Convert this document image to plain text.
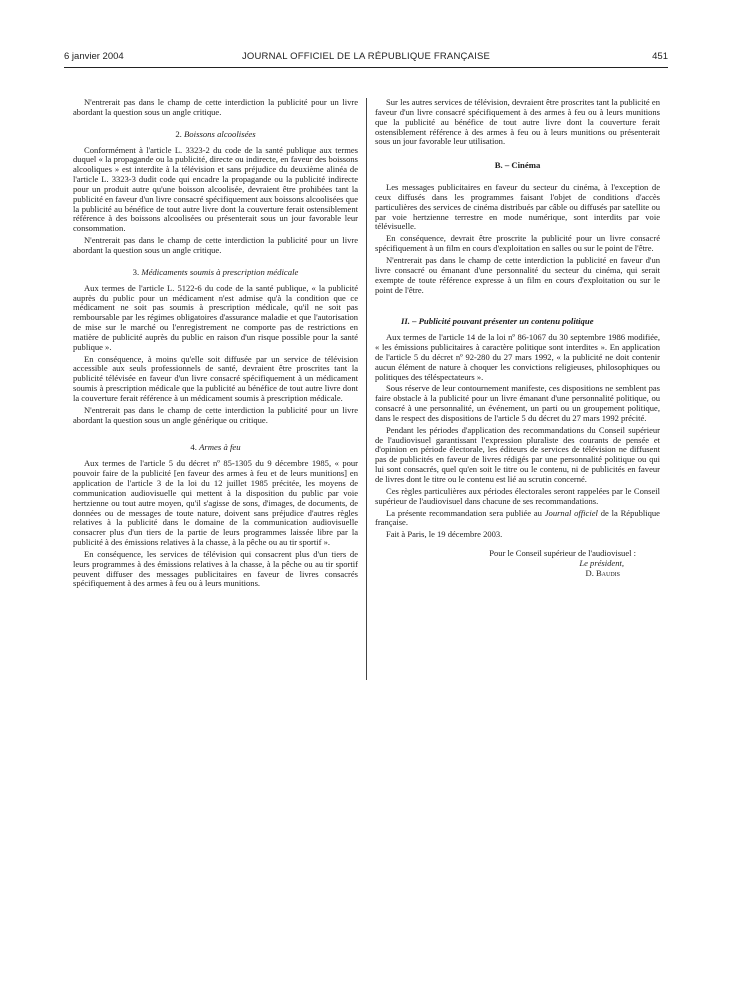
6 janvier 2004	JOURNAL OFFICIEL DE LA RÉPUBLIQUE FRANÇAISE	451

N'entrerait pas dans le champ de cette interdiction la publicité pour un livre abordant la question sous un angle critique.

2. Boissons alcoolisées

Conformément à l'article L. 3323-2 du code de la santé publique aux termes duquel « la propagande ou la publicité, directe ou indirecte, en faveur des boissons alcooliques » est interdite à la télévision et sans préjudice du deuxième alinéa de l'article L. 3323-3 dudit code qui encadre la propagande ou la publicité indirecte pour un produit autre qu'une boisson alcoolisée, devraient être prohibées tant la publicité en faveur d'un livre consacré spécifiquement aux boissons alcoolisées que la publicité au bénéfice de tout autre livre dont la couverture ferait ostensiblement référence à des boissons alcoolisées ou présenterait sous un jour favorable leur consommation.

N'entrerait pas dans le champ de cette interdiction la publicité pour un livre abordant la question sous un angle critique.

3. Médicaments soumis à prescription médicale

Aux termes de l'article L. 5122-6 du code de la santé publique, « la publicité auprès du public pour un médicament n'est admise qu'à la condition que ce médicament ne soit pas soumis à prescription médicale, qu'il ne soit pas remboursable par les régimes obligatoires d'assurance maladie et que l'autorisation de mise sur le marché ou l'enregistrement ne comporte pas de restrictions en matière de publicité auprès du public en raison d'un risque possible pour la santé publique ».

En conséquence, à moins qu'elle soit diffusée par un service de télévision accessible aux seuls professionnels de santé, devraient être proscrites tant la publicité télévisée en faveur d'un livre consacré spécifiquement à un médicament soumis à prescription médicale que la publicité au bénéfice de tout autre livre dont la couverture ferait référence à un médicament soumis à prescription médicale.

N'entrerait pas dans le champ de cette interdiction la publicité pour un livre abordant la question sous un angle générique ou critique.

4. Armes à feu

Aux termes de l'article 5 du décret nº 85-1305 du 9 décembre 1985, « pour pouvoir faire de la publicité [en faveur des armes à feu et de leurs munitions] en application de l'article 3 de la loi du 12 juillet 1985 précitée, les moyens de communication audiovisuelle qui mettent à la disposition du public par voie hertzienne ou tout autre moyen, qu'il s'agisse de sons, d'images, de documents, de données ou de messages de toute nature, doivent sans préjudice d'autres règles relatives à la publicité dans le domaine de la communication audiovisuelle consacrer plus d'un tiers de la partie de leurs programmes laissée libre par la publicité à des émissions relatives à la chasse, à la pêche ou au tir sportif ».

En conséquence, les services de télévision qui consacrent plus d'un tiers de leurs programmes à des émissions relatives à la chasse, à la pêche ou au tir sportif peuvent diffuser des messages publicitaires en faveur de livres consacrés spécifiquement à des armes à feu ou à leurs munitions.

Sur les autres services de télévision, devraient être proscrites tant la publicité en faveur d'un livre consacré spécifiquement à des armes à feu ou à leurs munitions que la publicité au bénéfice de tout autre livre dont la couverture ferait ostensiblement référence à des armes à feu ou à leurs munitions ou présenterait sous un jour favorable leur utilisation.

B. – Cinéma

Les messages publicitaires en faveur du secteur du cinéma, à l'exception de ceux diffusés dans les programmes faisant l'objet de conditions d'accès particulières des services de cinéma distribués par câble ou diffusés par satellite ou par voie hertzienne terrestre en mode numérique, sont interdits par voie télévisuelle.

En conséquence, devrait être proscrite la publicité pour un livre consacré spécifiquement à un film en cours d'exploitation en salles ou sur le point de l'être.

N'entrerait pas dans le champ de cette interdiction la publicité en faveur d'un livre consacré ou émanant d'une personnalité du secteur du cinéma, qui serait exempte de toute référence expresse à un film en cours d'exploitation ou sur le point de l'être.

II. – Publicité pouvant présenter un contenu politique

Aux termes de l'article 14 de la loi nº 86-1067 du 30 septembre 1986 modifiée, « les émissions publicitaires à caractère politique sont interdites ». En application de l'article 5 du décret nº 92-280 du 27 mars 1992, « la publicité ne doit contenir aucun élément de nature à choquer les convictions religieuses, philosophiques ou politiques des téléspectateurs ».

Sous réserve de leur contournement manifeste, ces dispositions ne semblent pas faire obstacle à la publicité pour un livre émanant d'une personnalité politique, ou consacré à une personnalité, un événement, un parti ou un groupement politique, dans le respect des dispositions de l'article 5 du décret du 27 mars 1992 précité.

Pendant les périodes d'application des recommandations du Conseil supérieur de l'audiovisuel garantissant l'expression pluraliste des courants de pensée et d'opinion en période électorale, les éditeurs de services de télévision ne diffusent pas de publicités en faveur de livres rédigés par une personnalité politique ou qui lui sont consacrés, quel qu'en soit le titre ou le contenu, ni de publicités en faveur de livres dont le titre ou le contenu est lié au scrutin concerné.

Ces règles particulières aux périodes électorales seront rappelées par le Conseil supérieur de l'audiovisuel dans chacune de ses recommandations.

La présente recommandation sera publiée au Journal officiel de la République française.

Fait à Paris, le 19 décembre 2003.

Pour le Conseil supérieur de l'audiovisuel :
Le président,
D. Baudis
